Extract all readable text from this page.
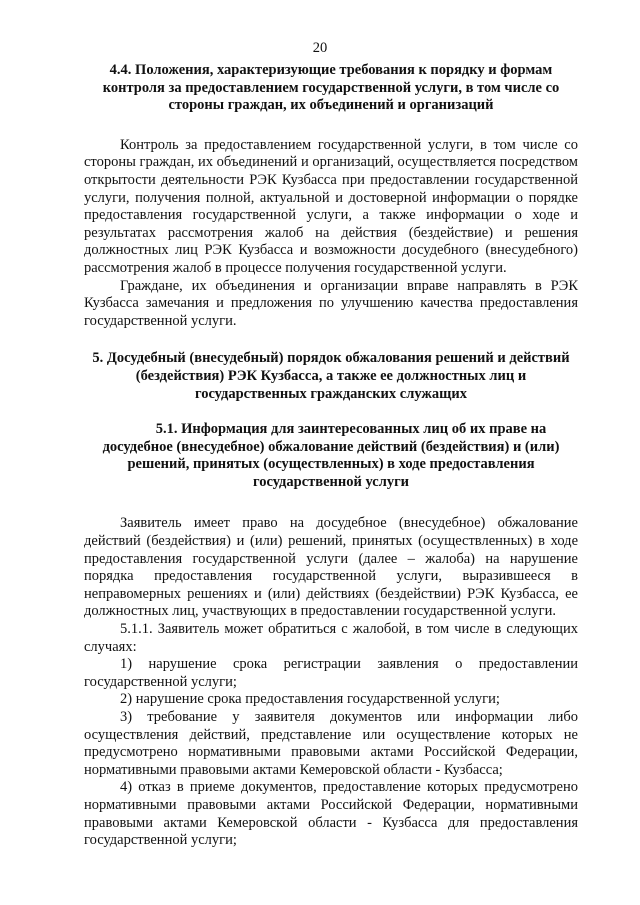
20

4.4. Положения, характеризующие требования к порядку и формам контроля за предоставлением государственной услуги, в том числе со стороны граждан, их объединений и организаций

Контроль за предоставлением государственной услуги, в том числе со стороны граждан, их объединений и организаций, осуществляется посредством открытости деятельности РЭК Кузбасса при предоставлении государственной услуги, получения полной, актуальной и достоверной информации о порядке предоставления государственной услуги, а также информации о ходе и результатах рассмотрения жалоб на действия (бездействие) и решения должностных лиц РЭК Кузбасса и возможности досудебного (внесудебного) рассмотрения жалоб в процессе получения государственной услуги.

Граждане, их объединения и организации вправе направлять в РЭК Кузбасса замечания и предложения по улучшению качества предоставления государственной услуги.

5. Досудебный (внесудебный) порядок обжалования решений и действий (бездействия) РЭК Кузбасса, а также ее должностных лиц и государственных гражданских служащих

5.1. Информация для заинтересованных лиц об их праве на досудебное (внесудебное) обжалование действий (бездействия) и (или) решений, принятых (осуществленных) в ходе предоставления государственной услуги

Заявитель имеет право на досудебное (внесудебное) обжалование действий (бездействия) и (или) решений, принятых (осуществленных) в ходе предоставления государственной услуги (далее – жалоба) на нарушение порядка предоставления государственной услуги, выразившееся в неправомерных решениях и (или) действиях (бездействии) РЭК Кузбасса, ее должностных лиц, участвующих в предоставлении государственной услуги.

5.1.1. Заявитель может обратиться с жалобой, в том числе в следующих случаях:

1) нарушение срока регистрации заявления о предоставлении государственной услуги;

2) нарушение срока предоставления государственной услуги;

3) требование у заявителя документов или информации либо осуществления действий, представление или осуществление которых не предусмотрено нормативными правовыми актами Российской Федерации, нормативными правовыми актами Кемеровской области - Кузбасса;

4) отказ в приеме документов, предоставление которых предусмотрено нормативными правовыми актами Российской Федерации, нормативными правовыми актами Кемеровской области - Кузбасса для предоставления государственной услуги;
